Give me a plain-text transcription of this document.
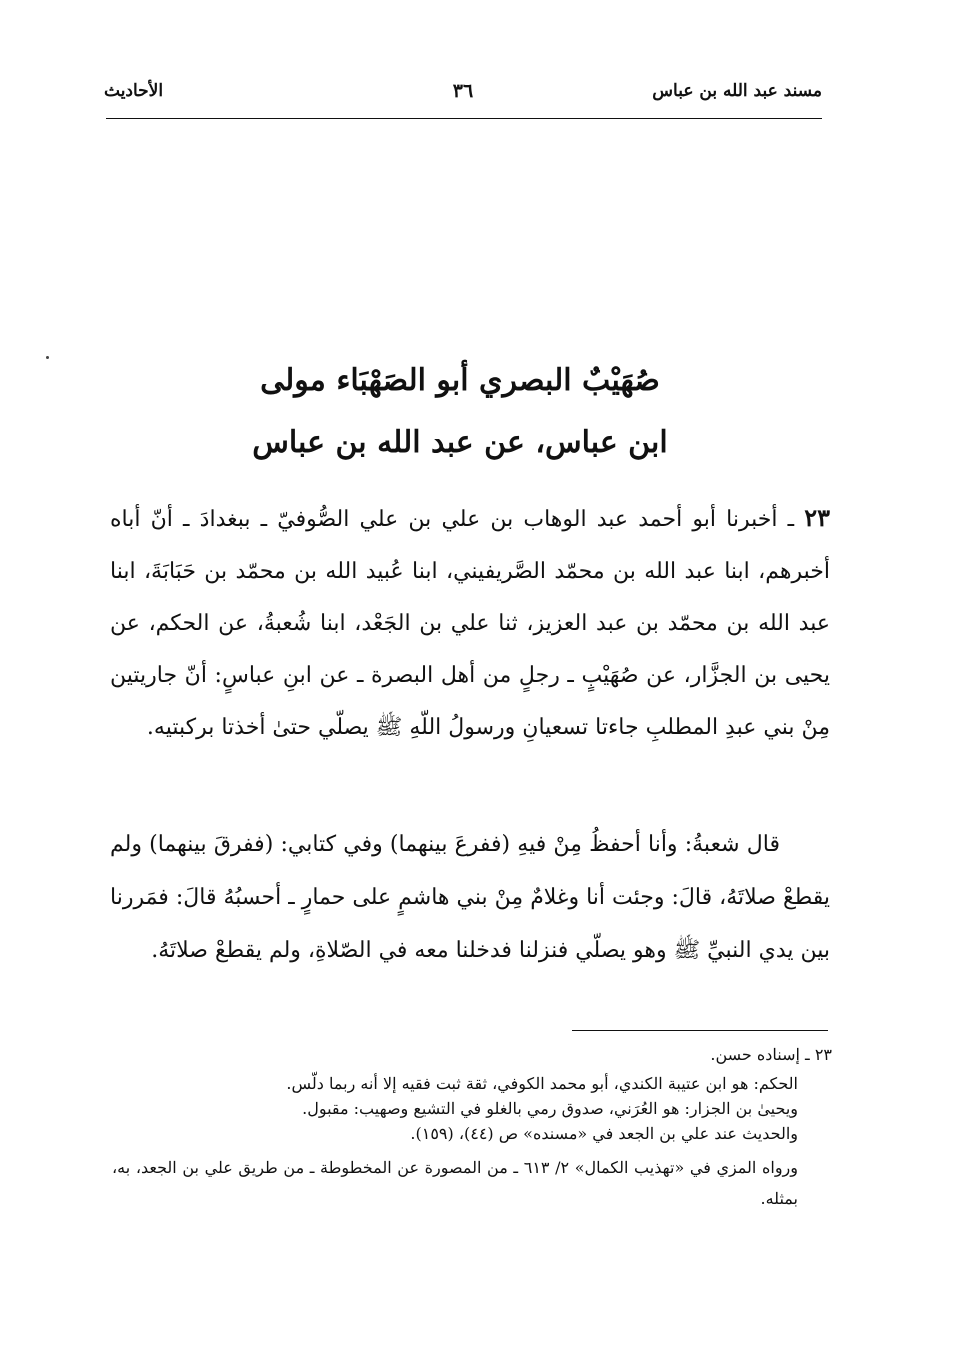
مسند عبد الله بن عباس
٣٦
الأحاديث
صُهَيْبٌ البصري أبو الصَهْبَاء مولى
ابن عباس، عن عبد الله بن عباس
٢٣ ـ أخبرنا أبو أحمد عبد الوهاب بن علي بن علي الصُّوفيّ ـ ببغدادَ ـ أنّ أباه أخبرهم، ابنا عبد الله بن محمّد الصَّريفيني، ابنا عُبيد الله بن محمّد بن حَبَابَةَ، ابنا عبد الله بن محمّد بن عبد العزيز، ثنا علي بن الجَعْد، ابنا شُعبةُ، عن الحكم، عن يحيى بن الجزَّار، عن صُهَيْبٍ ـ رجلٍ من أهل البصرة ـ عن ابنِ عباسٍ: أنّ جاريتين مِنْ بني عبدِ المطلبِ جاءتا تسعيانِ ورسولُ اللّهِ ﷺ يصلّي حتىٰ أخذتا بركبتيه.
قال شعبةُ: وأنا أحفظُ مِنْ فيهِ (ففرعَ بينهما) وفي كتابي: (ففرقَ بينهما) ولم يقطعْ صلاتَهُ، قالَ: وجئت أنا وغلامٌ مِنْ بني هاشمٍ على حمارٍ ـ أحسبُهُ قالَ: فمَررنا بين يدي النبيِّ ﷺ وهو يصلّي فنزلنا فدخلنا معه في الصّلاةِ، ولم يقطعْ صلاتَهُ.
٢٣ ـ إسناده حسن.
الحكم: هو ابن عتيبة الكندي، أبو محمد الكوفي، ثقة ثبت فقيه إلا أنه ربما دلّس.
ويحيىٰ بن الجزار: هو العُرَني، صدوق رمي بالغلو في التشيع وصهيب: مقبول.
والحديث عند علي بن الجعد في «مسنده» ص (٤٤)، (١٥٩).
ورواه المزي في «تهذيب الكمال» ٢/ ٦١٣ ـ من المصورة عن المخطوطة ـ من طريق علي بن الجعد، به، بمثله.
